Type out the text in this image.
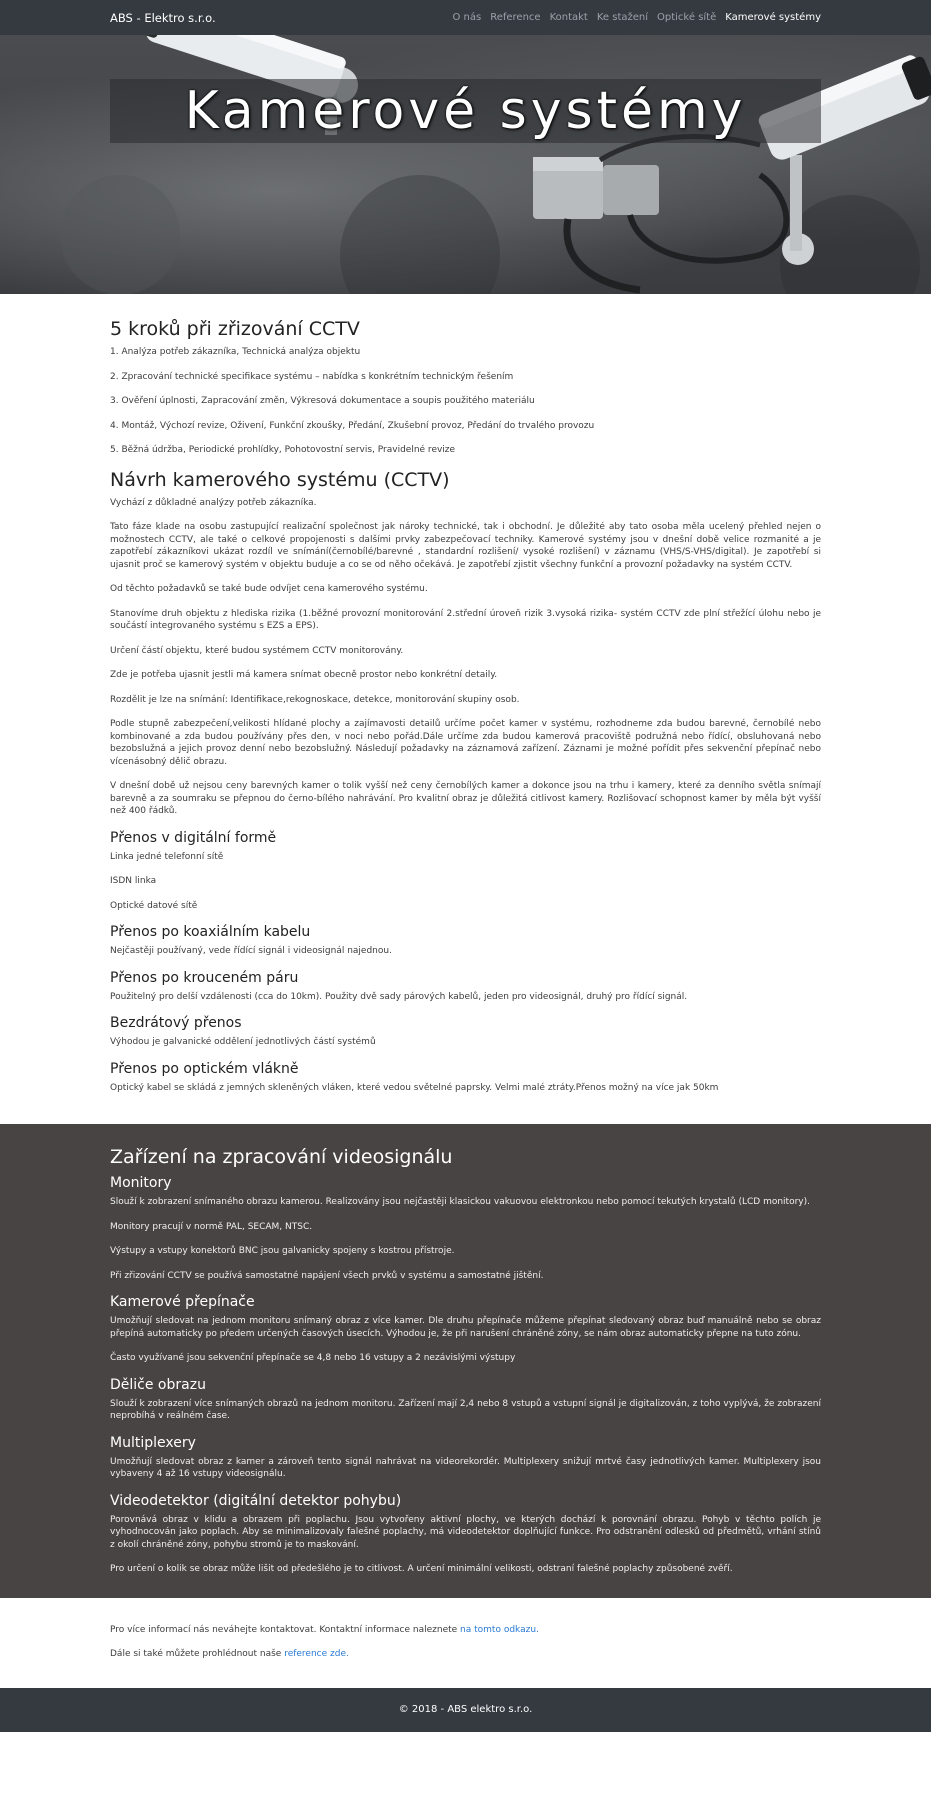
ABS - Elektro s.r.o.	O nás Reference Kontakt Ke stažení Optické sítě Kamerové systémy
Kamerové systémy
5 kroků při zřizování CCTV

1. Analýza potřeb zákazníka, Technická analýza objektu

2. Zpracování technické specifikace systému – nabídka s konkrétním technickým řešením

3. Ověření úplnosti, Zapracování změn, Výkresová dokumentace a soupis použitého materiálu

4. Montáž, Výchozí revize, Oživení, Funkční zkoušky, Předání, Zkušební provoz, Předání do trvalého provozu

5. Běžná údržba, Periodické prohlídky, Pohotovostní servis, Pravidelné revize

Návrh kamerového systému (CCTV)

Vychází z důkladné analýzy potřeb zákazníka.

Tato fáze klade na osobu zastupující realizační společnost jak nároky technické, tak i obchodní. Je důležité aby tato osoba měla ucelený přehled nejen o možnostech CCTV, ale také o celkové propojenosti s dalšími prvky zabezpečovací techniky. Kamerové systémy jsou v dnešní době velice rozmanité a je zapotřebí zákazníkovi ukázat rozdíl ve snímání(černobílé/barevné , standardní rozlišení/ vysoké rozlišení) v záznamu (VHS/S-VHS/digital). Je zapotřebí si ujasnit proč se kamerový systém v objektu buduje a co se od něho očekává. Je zapotřebí zjistit všechny funkční a provozní požadavky na systém CCTV.

Od těchto požadavků se také bude odvíjet cena kamerového systému.

Stanovíme druh objektu z hlediska rizika (1.běžné provozní monitorování 2.střední úroveň rizik 3.vysoká rizika- systém CCTV zde plní střežící úlohu nebo je součástí integrovaného systému s EZS a EPS).

Určení částí objektu, které budou systémem CCTV monitorovány.

Zde je potřeba ujasnit jestli má kamera snímat obecně prostor nebo konkrétní detaily.

Rozdělit je lze na snímání: Identifikace,rekognoskace, detekce, monitorování skupiny osob.

Podle stupně zabezpečení,velikosti hlídané plochy a zajímavosti detailů určíme počet kamer v systému, rozhodneme zda budou barevné, černobílé nebo kombinované a zda budou používány přes den, v noci nebo pořád.Dále určíme zda budou kamerová pracoviště podružná nebo řídící, obsluhovaná nebo bezobslužná a jejich provoz denní nebo bezobslužný. Následují požadavky na záznamová zařízení. Záznami je možné pořídit přes sekvenční přepínač nebo vícenásobný dělič obrazu.

V dnešní době už nejsou ceny barevných kamer o tolik vyšší než ceny černobílých kamer a dokonce jsou na trhu i kamery, které za denního světla snímají barevně a za soumraku se přepnou do černo-bílého nahrávání. Pro kvalitní obraz je důležitá citlivost kamery. Rozlišovací schopnost kamer by měla být vyšší než 400 řádků.

Přenos v digitální formě

Linka jedné telefonní sítě

ISDN linka

Optické datové sítě

Přenos po koaxiálním kabelu

Nejčastěji používaný, vede řídící signál i videosignál najednou.

Přenos po krouceném páru

Použitelný pro delší vzdálenosti (cca do 10km). Použity dvě sady párových kabelů, jeden pro videosignál, druhý pro řídící signál.

Bezdrátový přenos

Výhodou je galvanické oddělení jednotlivých částí systémů

Přenos po optickém vlákně

Optický kabel se skládá z jemných skleněných vláken, které vedou světelné paprsky. Velmi malé ztráty.Přenos možný na více jak 50km

Zařízení na zpracování videosignálu
Monitory

Slouží k zobrazení snímaného obrazu kamerou. Realizovány jsou nejčastěji klasickou vakuovou elektronkou nebo pomocí tekutých krystalů (LCD monitory).

Monitory pracují v normě PAL, SECAM, NTSC.

Výstupy a vstupy konektorů BNC jsou galvanicky spojeny s kostrou přístroje.

Při zřizování CCTV se používá samostatné napájení všech prvků v systému a samostatné jištění.

Kamerové přepínače

Umožňují sledovat na jednom monitoru snímaný obraz z více kamer. Dle druhu přepínače můžeme přepínat sledovaný obraz buď manuálně nebo se obraz přepíná automaticky po předem určených časových úsecích. Výhodou je, že při narušení chráněné zóny, se nám obraz automaticky přepne na tuto zónu.

Často využívané jsou sekvenční přepínače se 4,8 nebo 16 vstupy a 2 nezávislými výstupy

Děliče obrazu

Slouží k zobrazení více snímaných obrazů na jednom monitoru. Zařízení mají 2,4 nebo 8 vstupů a vstupní signál je digitalizován, z toho vyplývá, že zobrazení neprobíhá v reálném čase.

Multiplexery

Umožňují sledovat obraz z kamer a zároveň tento signál nahrávat na videorekordér. Multiplexery snižují mrtvé časy jednotlivých kamer. Multiplexery jsou vybaveny 4 až 16 vstupy videosignálu.

Videodetektor (digitální detektor pohybu)

Porovnává obraz v klidu a obrazem při poplachu. Jsou vytvořeny aktivní plochy, ve kterých dochází k porovnání obrazu. Pohyb v těchto polích je vyhodnocován jako poplach. Aby se minimalizovaly falešné poplachy, má videodetektor doplňující funkce. Pro odstranění odlesků od předmětů, vrhání stínů z okolí chráněné zóny, pohybu stromů je to maskování.

Pro určení o kolik se obraz může lišit od předešlého je to citlivost. A určení minimální velikosti, odstraní falešné poplachy způsobené zvěří.

Pro více informací nás neváhejte kontaktovat. Kontaktní informace naleznete na tomto odkazu.

Dále si také můžete prohlédnout naše reference zde.

© 2018 - ABS elektro s.r.o.
